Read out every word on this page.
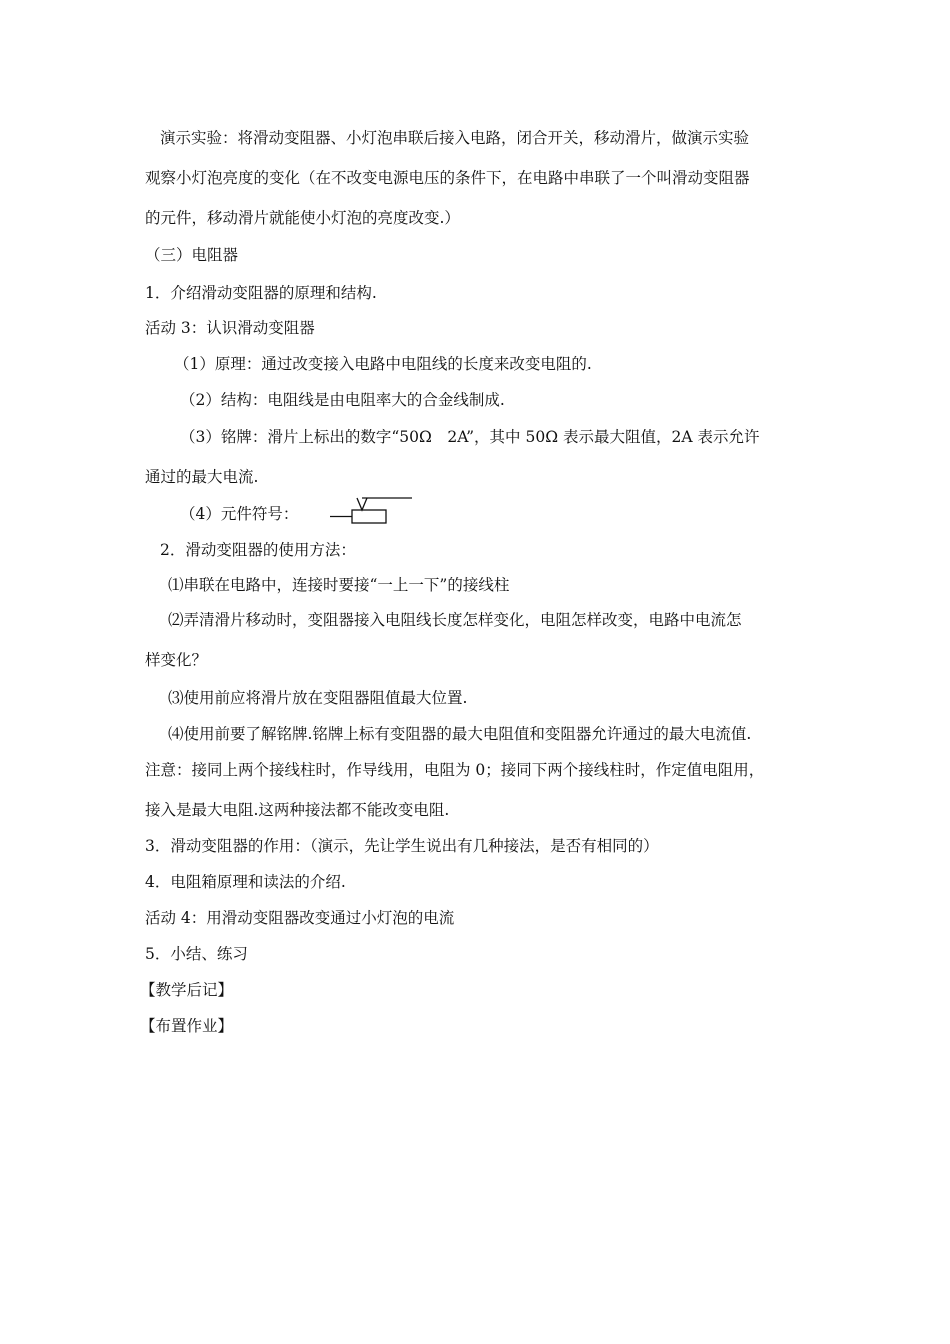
演示实验：将滑动变阻器、小灯泡串联后接入电路，闭合开关，移动滑片，做演示实验
观察小灯泡亮度的变化（在不改变电源电压的条件下，在电路中串联了一个叫滑动变阻器
的元件，移动滑片就能使小灯泡的亮度改变.）
（三）电阻器
1．介绍滑动变阻器的原理和结构.
活动 3：认识滑动变阻器
（1）原理：通过改变接入电路中电阻线的长度来改变电阻的.
（2）结构：电阻线是由电阻率大的合金线制成.
（3）铭牌：滑片上标出的数字“50Ω　2A”，其中 50Ω 表示最大阻值，2A 表示允许
通过的最大电流.
（4）元件符号：
2．滑动变阻器的使用方法：
⑴串联在电路中，连接时要接“一上一下”的接线柱
⑵弄清滑片移动时，变阻器接入电阻线长度怎样变化，电阻怎样改变，电路中电流怎
样变化？
⑶使用前应将滑片放在变阻器阻值最大位置.
⑷使用前要了解铭牌.铭牌上标有变阻器的最大电阻值和变阻器允许通过的最大电流值.
注意：接同上两个接线柱时，作导线用，电阻为 0；接同下两个接线柱时，作定值电阻用，
接入是最大电阻.这两种接法都不能改变电阻.
3．滑动变阻器的作用：（演示，先让学生说出有几种接法，是否有相同的）
4．电阻箱原理和读法的介绍.
活动 4：用滑动变阻器改变通过小灯泡的电流
5．小结、练习
【教学后记】
【布置作业】
